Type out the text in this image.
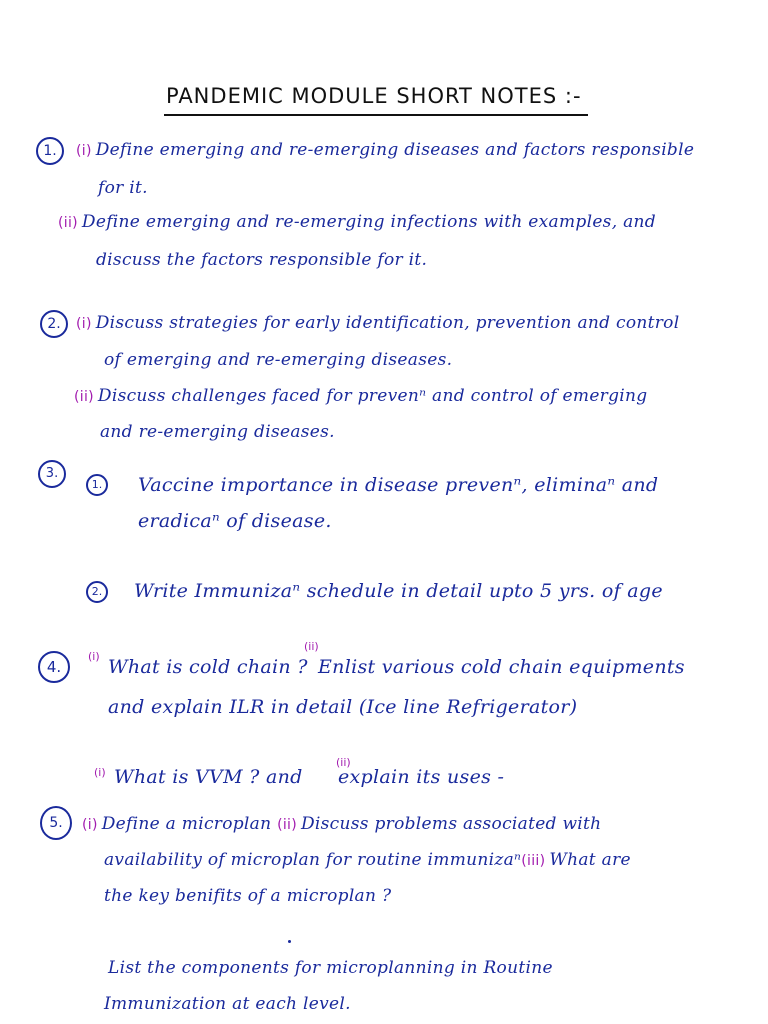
PANDEMIC MODULE SHORT NOTES :-
1.	(i) Define emerging and re-emerging diseases and factors responsible
for it.
(ii) Define emerging and re-emerging infections with examples, and
discuss the factors responsible for it.
2.	(i) Discuss strategies for early identification, prevention and control
of emerging and re-emerging diseases.
(ii) Discuss challenges faced for prevenⁿ and control of emerging
and re-emerging diseases.
3.
1.	Vaccine importance in disease prevenⁿ, eliminaⁿ and
eradicaⁿ of disease.
2.	Write Immunizaⁿ schedule in detail upto 5 yrs. of age
4.
(i)
(ii)
What is cold chain ? Enlist various cold chain equipments
and explain ILR in detail (Ice line Refrigerator)
(i)
(ii)
What is VVM ? and explain its uses -
5.	(i) Define a microplan (ii) Discuss problems associated with
availability of microplan for routine immunizaⁿ(iii) What are
the key benifits of a microplan ?
List the components for microplanning in Routine
Immunization at each level.
